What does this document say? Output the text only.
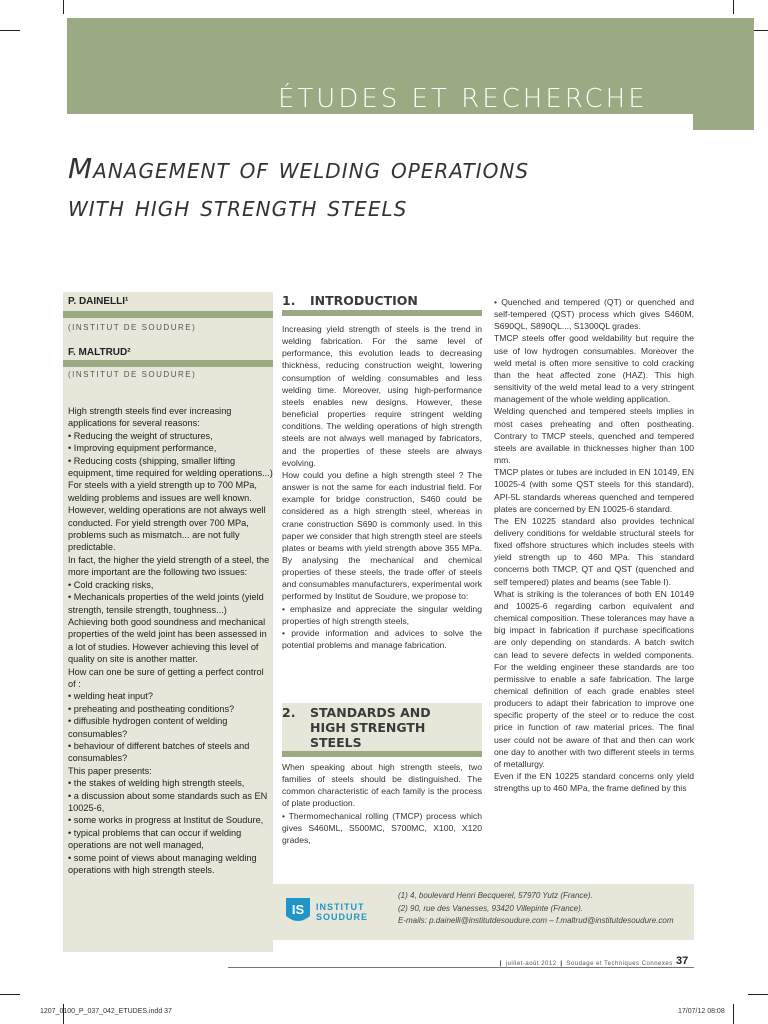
ÉTUDES ET RECHERCHE
Management of welding operations
with high strength steels
P. DAINELLI¹
(INSTITUT DE SOUDURE)
F. MALTRUD²
(INSTITUT DE SOUDURE)

High strength steels find ever increasing applications for several reasons:

• Reducing the weight of structures,

• Improving equipment performance,

• Reducing costs (shipping, smaller lifting equipment, time required for welding operations...)

For steels with a yield strength up to 700 MPa, welding problems and issues are well known. However, welding operations are not always well conducted. For yield strength over 700 MPa, problems such as mismatch... are not fully predictable.

In fact, the higher the yield strength of a steel, the more important are the following two issues:

• Cold cracking risks,

• Mechanicals properties of the weld joints (yield strength, tensile strength, toughness...)

Achieving both good soundness and mechanical properties of the weld joint has been assessed in a lot of studies. However achieving this level of quality on site is another matter.

How can one be sure of getting a perfect control of :

• welding heat input?

• preheating and postheating conditions?

• diffusible hydrogen content of welding consumables?

• behaviour of different batches of steels and consumables?

This paper presents:

• the stakes of welding high strength steels,

• a discussion about some standards such as EN 10025-6,

• some works in progress at Institut de Soudure,

• typical problems that can occur if welding operations are not well managed,

• some point of views about managing welding operations with high strength steels.

1. INTRODUCTION

Increasing yield strength of steels is the trend in welding fabrication. For the same level of performance, this evolution leads to decreasing thickness, reducing construction weight, lowering consumption of welding consumables and less welding time. Moreover, using high-performance steels enables new designs. However, these beneficial properties require stringent welding conditions. The welding operations of high strength steels are not always well managed by fabricators, and the properties of these steels are always evolving.

How could you define a high strength steel ? The answer is not the same for each industrial field. For example for bridge construction, S460 could be considered as a high strength steel, whereas in crane construction S690 is commonly used. In this paper we consider that high strength steel are steels plates or beams with yield strength above 355 MPa. By analysing the mechanical and chemical properties of these steels, the trade offer of steels and consumables manufacturers, experimental work performed by Institut de Soudure, we propose to:

• emphasize and appreciate the singular welding properties of high strength steels,

• provide information and advices to solve the potential problems and manage fabrication.

2. STANDARDS AND
HIGH STRENGTH
STEELS

When speaking about high strength steels, two families of steels should be distinguished. The common characteristic of each family is the process of plate production.

• Thermomechanical rolling (TMCP) process which gives S460ML, S500MC, S700MC, X100, X120 grades,

• Quenched and tempered (QT) or quenched and self-tempered (QST) process which gives S460M, S690QL, S890QL..., S1300QL grades.

TMCP steels offer good weldability but require the use of low hydrogen consumables. Moreover the weld metal is often more sensitive to cold cracking than the heat affected zone (HAZ). This high sensitivity of the weld metal lead to a very stringent management of the whole welding application.

Welding quenched and tempered steels implies in most cases preheating and often postheating. Contrary to TMCP steels, quenched and tempered steels are available in thicknesses higher than 100 mm.

TMCP plates or tubes are included in EN 10149, EN 10025-4 (with some QST steels for this standard), API-5L standards whereas quenched and tempered plates are concerned by EN 10025-6 standard.

The EN 10225 standard also provides technical delivery conditions for weldable structural steels for fixed offshore structures which includes steels with yield strength up to 460 MPa. This standard concerns both TMCP, QT and QST (quenched and self tempered) plates and beams (see Table I).

What is striking is the tolerances of both EN 10149 and 10025-6 regarding carbon equivalent and chemical composition. These tolerances may have a big impact in fabrication if purchase specifications are only depending on standards. A batch switch can lead to severe defects in welded components. For the welding engineer these standards are too permissive to enable a safe fabrication. The large chemical definition of each grade enables steel producers to adapt their fabrication to improve one specific property of the steel or to reduce the cost price in function of raw material prices. The final user could not be aware of that and then can work one day to another with two different steels in terms of metallurgy.

Even if the EN 10225 standard concerns only yield strengths up to 460 MPa, the frame defined by this

IS INSTITUT
SOUDURE

(1) 4, boulevard Henri Becquerel, 57970 Yutz (France).

(2) 90, rue des Vanesses, 93420 Villepinte (France).

E-mails: p.dainelli@institutdesoudure.com – f.maltrud@institutdesoudure.com

❙ juillet-août 2012 ❙ Soudage et Techniques Connexes 37
1207_0100_P_037_042_ETUDES.indd 37	17/07/12 08:08
